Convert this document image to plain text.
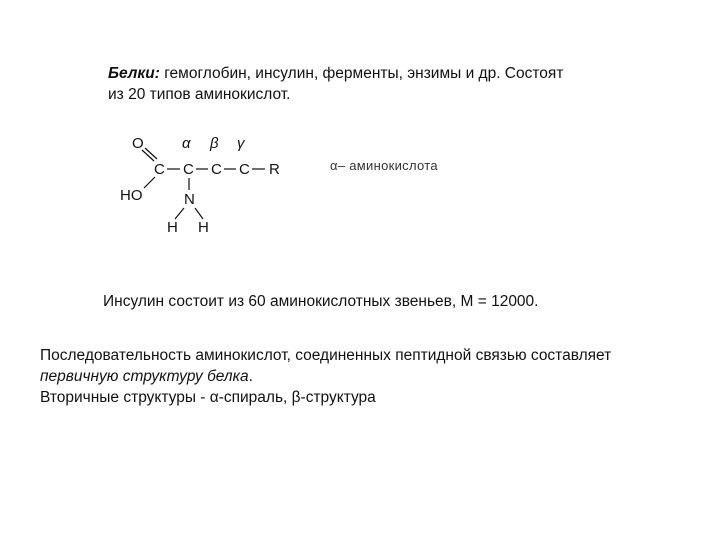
Белки: гемоглобин, инсулин, ферменты, энзимы и др. Состоят
из 20 типов аминокислот.
O
HO
C C C C R
N
H H
α β γ
α– аминокислота
Инсулин состоит из 60 аминокислотных звеньев, М = 12000.
Последовательность аминокислот, соединенных пептидной связью составляет
первичную структуру белка.
Вторичные структуры - α-спираль, β-структура
